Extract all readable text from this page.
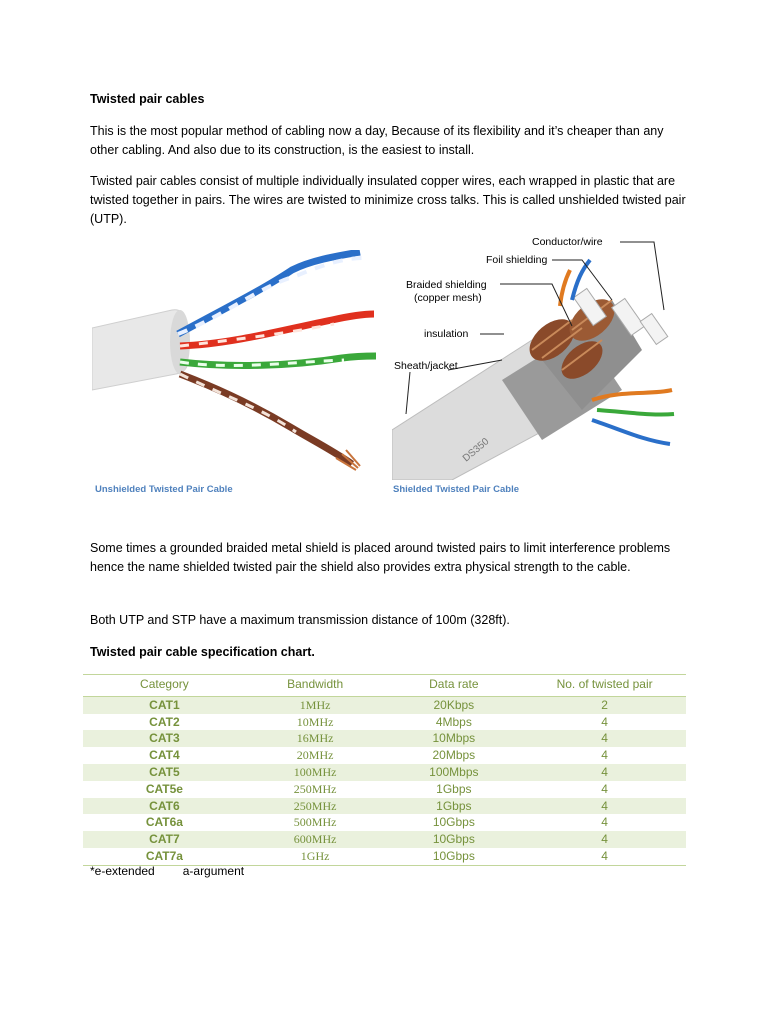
Twisted pair cables
This is the most popular method of cabling now a day, Because of its flexibility and it’s cheaper than any other cabling. And also due to its construction, is the easiest to install.
Twisted pair cables consist of multiple individually insulated copper wires, each wrapped in plastic that are twisted together in pairs. The wires are twisted to minimize cross talks. This is called unshielded twisted pair (UTP).
DS350
Conductor/wire
Foil shielding
Braided shielding
(copper mesh)
insulation
Sheath/jacket
Unshielded Twisted Pair Cable	Shielded Twisted Pair Cable
Some times a grounded braided metal shield is placed around twisted pairs to limit interference problems hence the name shielded twisted pair the shield also provides extra physical strength to the cable.
Both UTP and STP have a maximum transmission distance of 100m (328ft).
Twisted pair cable specification chart.
Category	Bandwidth	Data rate	No. of twisted pair
CAT1	1MHz	20Kbps	2
CAT2	10MHz	4Mbps	4
CAT3	16MHz	10Mbps	4
CAT4	20MHz	20Mbps	4
CAT5	100MHz	100Mbps	4
CAT5e	250MHz	1Gbps	4
CAT6	250MHz	1Gbps	4
CAT6a	500MHz	10Gbps	4
CAT7	600MHz	10Gbps	4
CAT7a	1GHz	10Gbps	4
*e-extended a-argument
